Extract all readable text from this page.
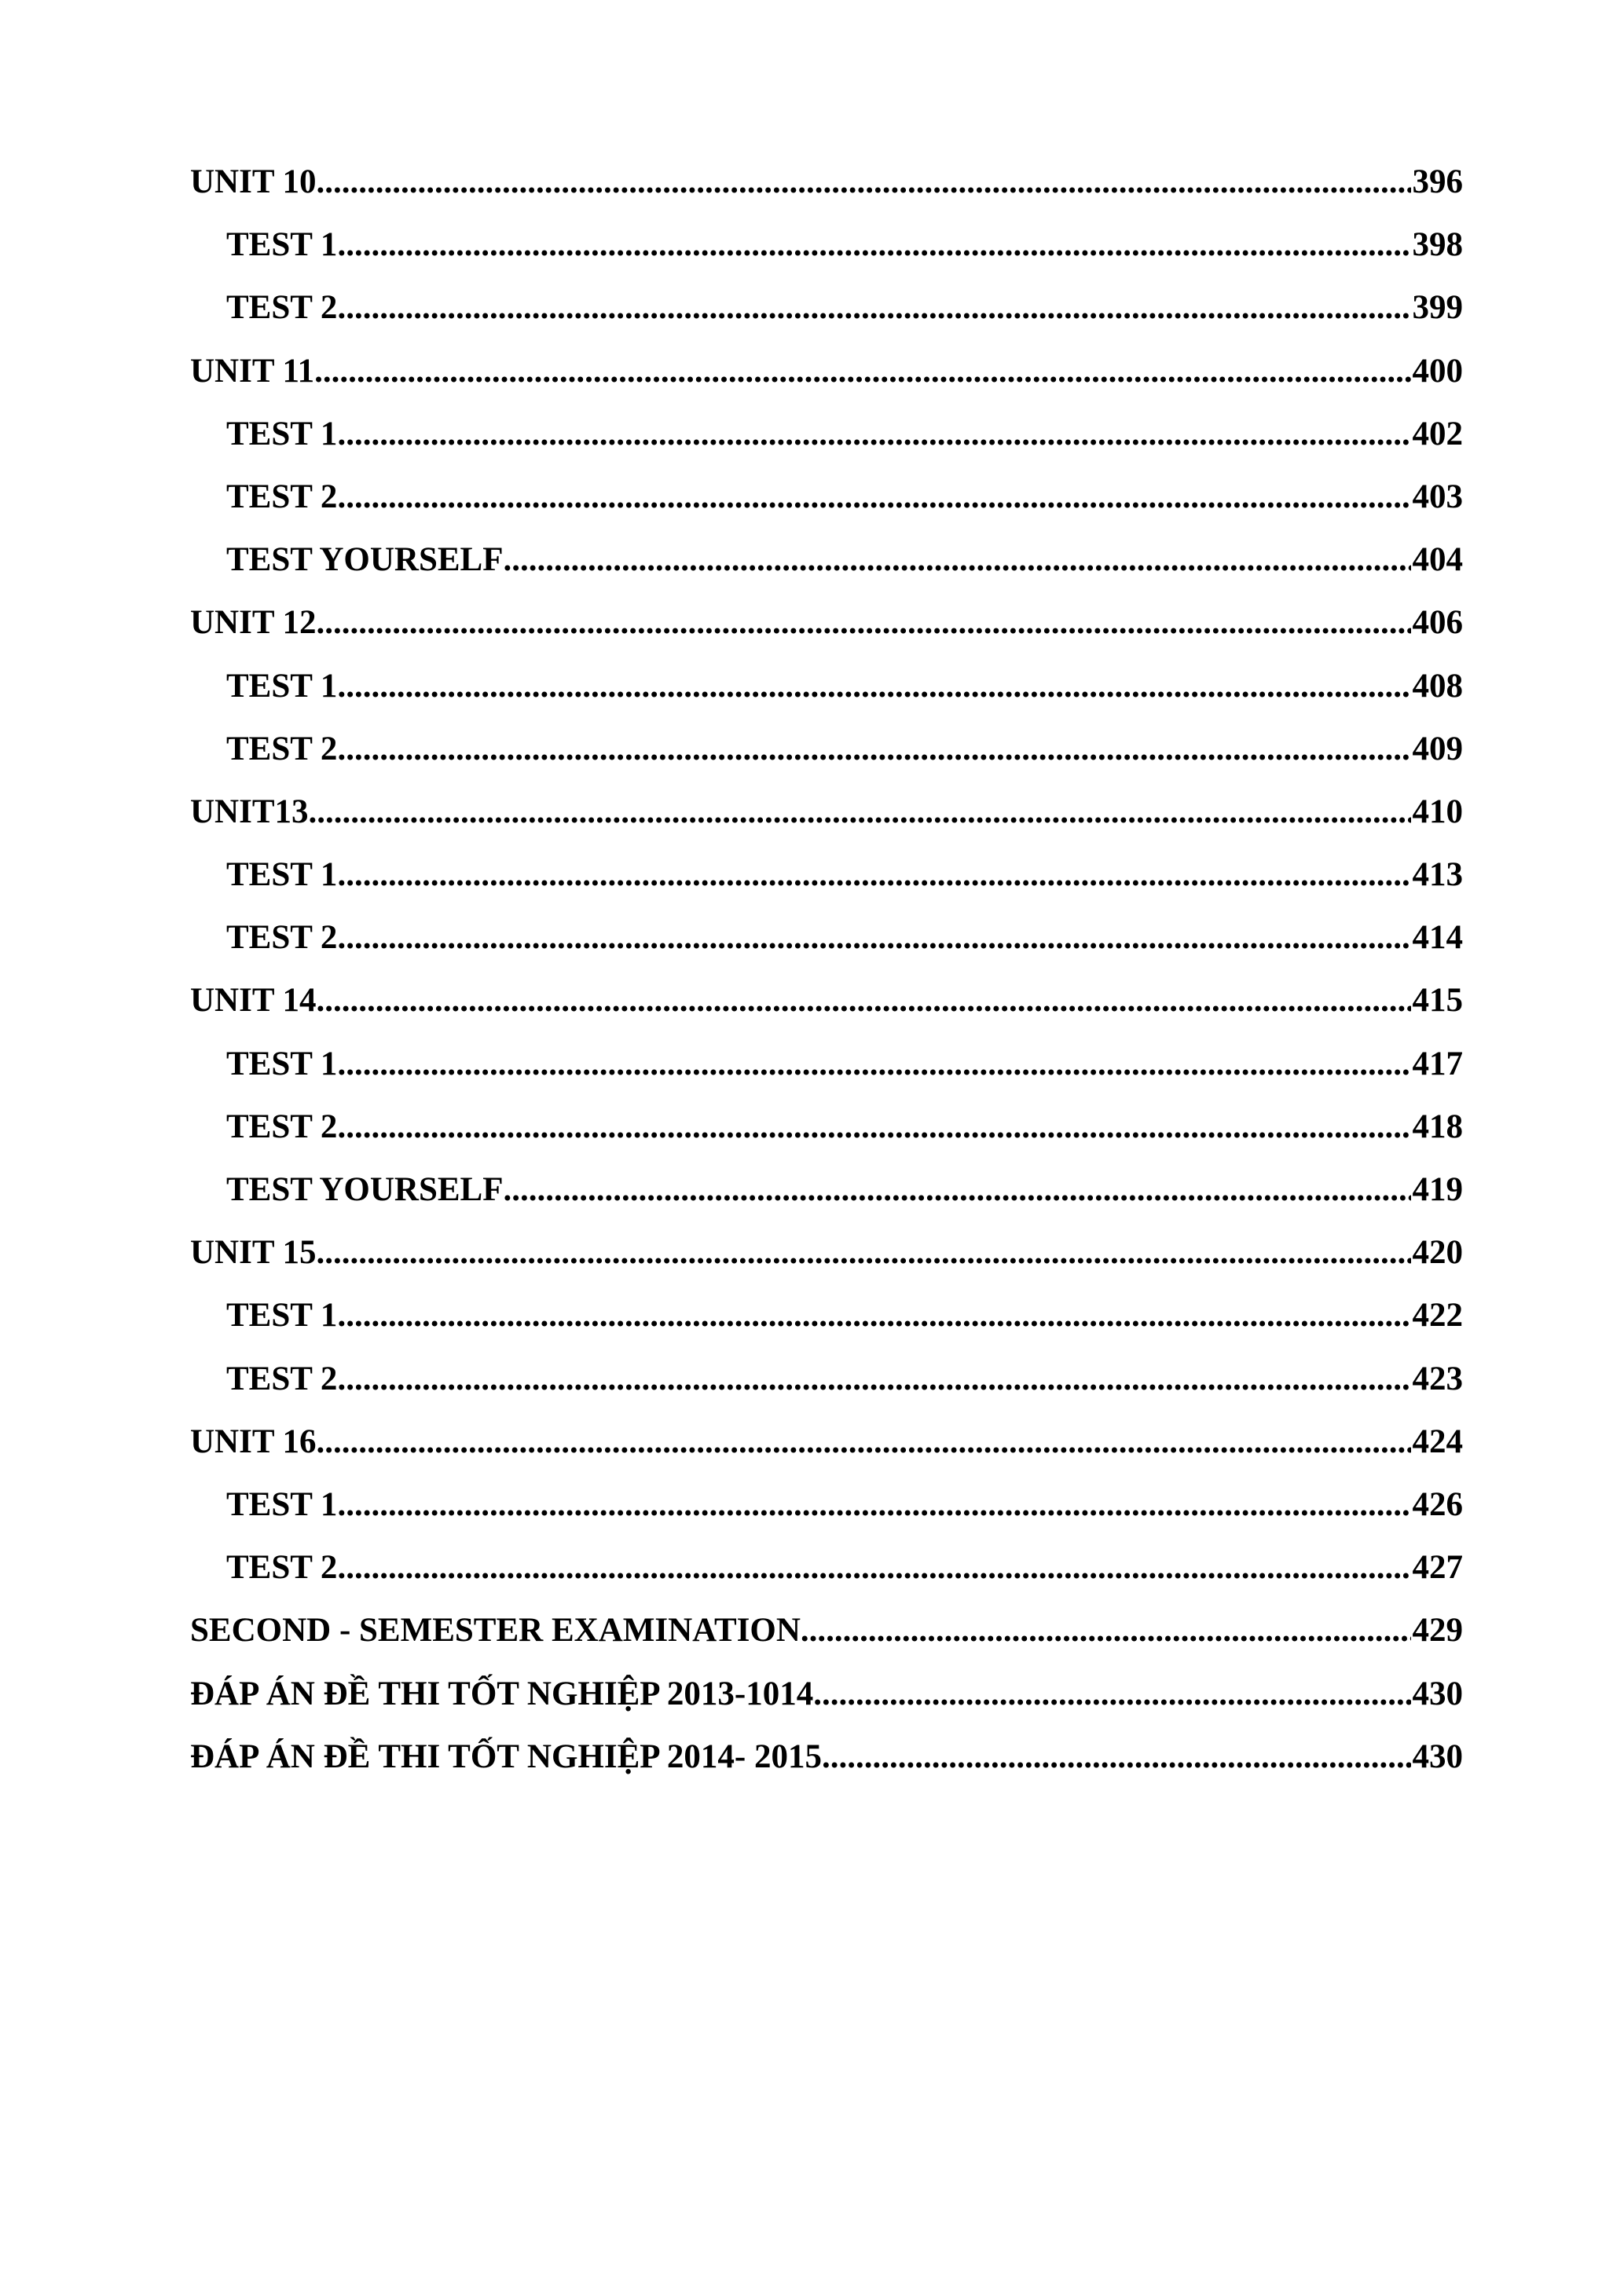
UNIT 10 .....	396
TEST 1 .....	398
TEST 2 .....	399
UNIT 11 .....	400
TEST 1 .....	402
TEST 2 .....	403
TEST YOURSELF .....	404
UNIT 12 .....	406
TEST 1 .....	408
TEST 2 .....	409
UNIT13 .....	410
TEST 1 .....	413
TEST 2 .....	414
UNIT 14 .....	415
TEST 1 .....	417
TEST 2 .....	418
TEST YOURSELF .....	419
UNIT 15 .....	420
TEST 1 .....	422
TEST 2 .....	423
UNIT 16 .....	424
TEST 1 .....	426
TEST 2 .....	427
SECOND - SEMESTER EXAMINATION .....	429
ĐÁP ÁN ĐỀ THI TỐT NGHIỆP 2013-1014 .....	430
ĐÁP ÁN ĐỀ THI TỐT NGHIỆP 2014- 2015 .....	430
